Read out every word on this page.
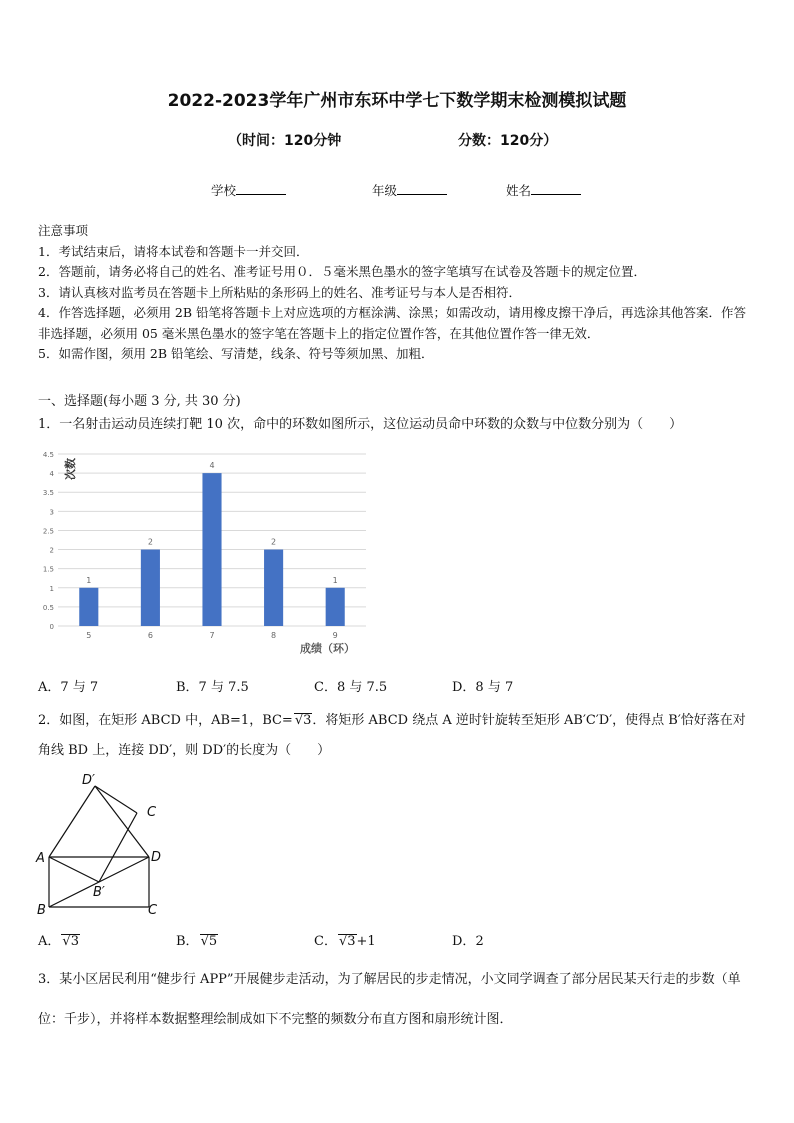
2022-2023学年广州市东环中学七下数学期末检测模拟试题
（时间：120分钟	分数：120分）
学校	年级	姓名

注意事项

1．考试结束后，请将本试卷和答题卡一并交回．

2．答题前，请务必将自己的姓名、准考证号用０．５毫米黑色墨水的签字笔填写在试卷及答题卡的规定位置．

3．请认真核对监考员在答题卡上所粘贴的条形码上的姓名、准考证号与本人是否相符．

4．作答选择题，必须用 2B 铅笔将答题卡上对应选项的方框涂满、涂黑；如需改动，请用橡皮擦干净后，再选涂其他答案．作答非选择题，必须用 05 毫米黑色墨水的签字笔在答题卡上的指定位置作答，在其他位置作答一律无效．

5．如需作图，须用 2B 铅笔绘、写清楚，线条、符号等须加黑、加粗．

一、选择题(每小题 3 分, 共 30 分)
1．一名射击运动员连续打靶 10 次，命中的环数如图所示，这位运动员命中环数的众数与中位数分别为（　　）
0
0.5
1
1.5
2
2.5
3
3.5
4
4.5
1
2
4
2
1
5	6	7	8	9
次数
成绩（环）
A．7 与 7	B．7 与 7.5	C．8 与 7.5	D．8 与 7
2．如图，在矩形 ABCD 中，AB=1，BC= √3．将矩形 ABCD 绕点 A 逆时针旋转至矩形 AB′C′D′，使得点 B′恰好落在对角线 BD 上，连接 DD′，则 DD′的长度为（　　）
A
B	C
D
B′
C
D′
A． √3	B． √5	C． √3+1	D．2
3．某小区居民利用“健步行 APP”开展健步走活动，为了解居民的步走情况，小文同学调查了部分居民某天行走的步数（单位：千步），并将样本数据整理绘制成如下不完整的频数分布直方图和扇形统计图．
